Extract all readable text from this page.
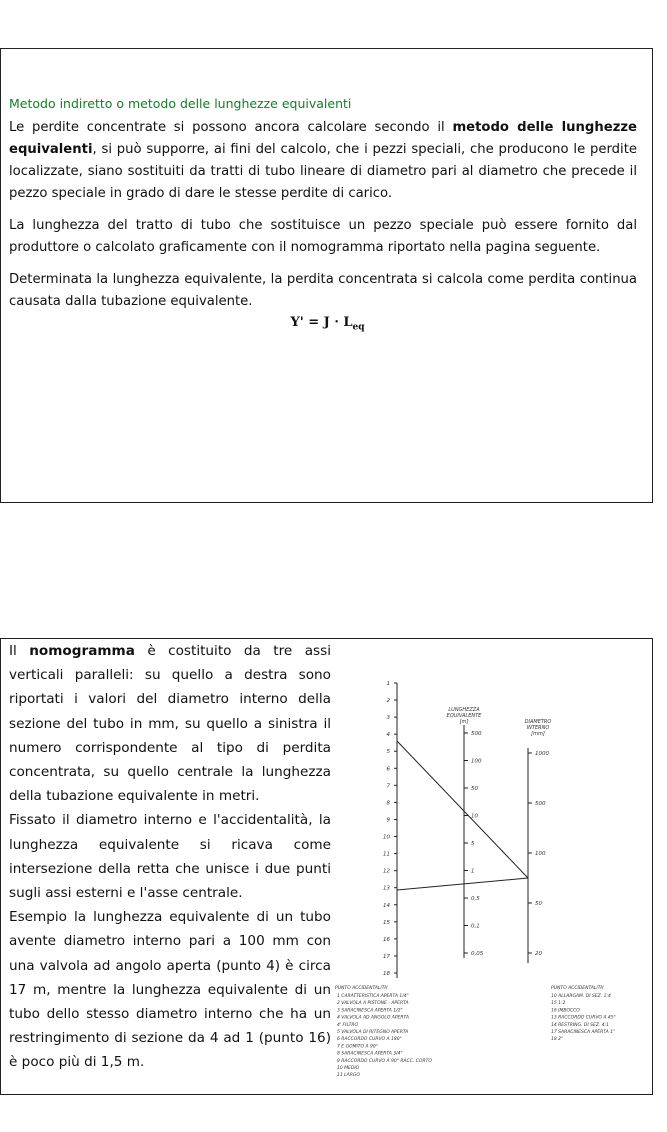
Metodo indiretto o metodo delle lunghezze equivalenti
Le perdite concentrate si possono ancora calcolare secondo il metodo delle lunghezze equivalenti, si può supporre, ai fini del calcolo, che i pezzi speciali, che producono le perdite localizzate, siano sostituiti da tratti di tubo lineare di diametro pari al diametro che precede il pezzo speciale in grado di dare le stesse perdite di carico.
La lunghezza del tratto di tubo che sostituisce un pezzo speciale può essere fornito dal produttore o calcolato graficamente con il nomogramma riportato nella pagina seguente.
Determinata la lunghezza equivalente, la perdita concentrata si calcola come perdita continua causata dalla tubazione equivalente.
$Y' = J \cdot L_{eq}$

Il nomogramma è costituito da tre assi verticali paralleli: su quello a destra sono riportati i valori del diametro interno della sezione del tubo in mm, su quello a sinistra il numero corrispondente al tipo di perdita concentrata, su quello centrale la lunghezza della tubazione equivalente in metri.

Fissato il diametro interno e l'accidentalità, la lunghezza equivalente si ricava come intersezione della retta che unisce i due punti sugli assi esterni e l'asse centrale.

Esempio la lunghezza equivalente di un tubo avente diametro interno pari a 100 mm con una valvola ad angolo aperta (punto 4) è circa 17 m, mentre la lunghezza equivalente di un tubo dello stesso diametro interno che ha un restringimento di sezione da 4 ad 1 (punto 16) è poco più di 1,5 m.

1
2
3
4
5
6
7
8
9
10
11
12
13
14
15
16
17
18
500
100
50
10
5
1
0,5
0,1
0,05
1000
500
100
50
20
LUNGHEZZA
EQUIVALENTE
[m]	DIAMETRO
INTERNO
[mm]
PUNTO ACCIDENTALITA'
1 CARATTERISTICA APERTA 1/4"
2 VALVOLA A PISTONE - APERTA
3 SARACINESCA APERTA 1/2"
4 VALVOLA AD ANGOLO APERTA
4' FILTRO
5 VALVOLA DI RITEGNO APERTA
6 RACCORDO CURVO A 180°
7 E GOMITO A 90°
8 SARACINESCA APERTA 3/4"
9 RACCORDO CURVO A 90° RACC. CORTO
10 MEDIO
11 LARGO
PUNTO ACCIDENTALITA'
10 ALLARGAM. DI SEZ. 1:4
15 1:2
16 IMBOCCO
13 RACCORDO CURVO A 45°
14 RESTRING. DI SEZ. 4:1
17 SARACINESCA APERTA 1"
18 2"
